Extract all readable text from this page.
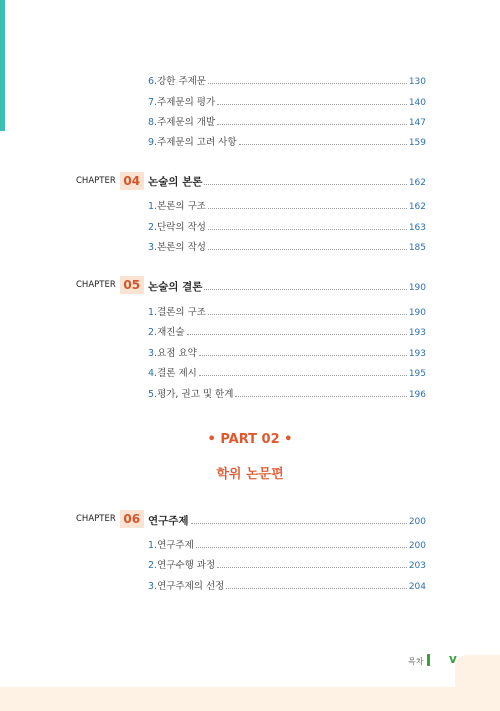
6. 강한 주제문	130
7. 주제문의 평가	140
8. 주제문의 개발	147
9. 주제문의 고려 사항	159
CHAPTER 04 논술의 본론	162
1. 본론의 구조	162
2. 단락의 작성	163
3. 본론의 작성	185
CHAPTER 05 논술의 결론	190
1. 결론의 구조	190
2. 재진술	193
3. 요점 요약	193
4. 결론 제시	195
5. 평가, 권고 및 한계	196
• PART 02 •
학위 논문편
CHAPTER 06 연구주제	200
1. 연구주제	200
2. 연구수행 과정	203
3. 연구주제의 선정	204
목차 v
